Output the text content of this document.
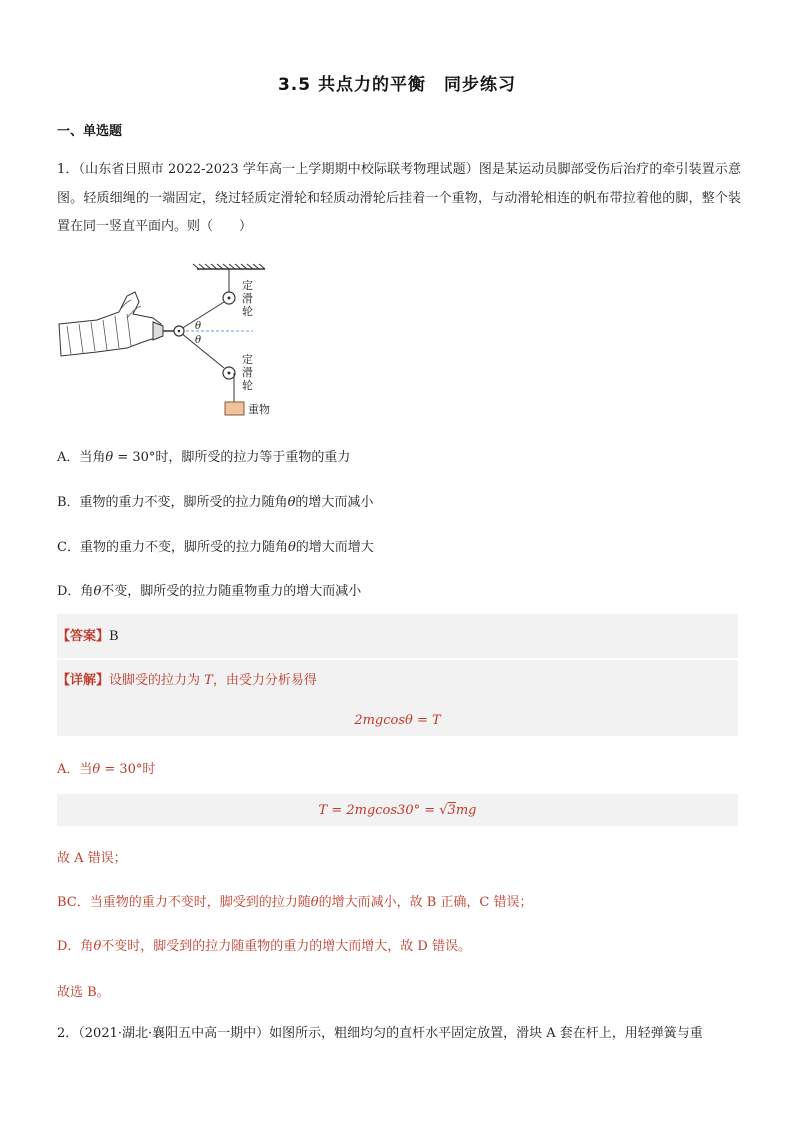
3.5 共点力的平衡 同步练习
一、单选题
1．（山东省日照市 2022-2023 学年高一上学期期中校际联考物理试题）图是某运动员脚部受伤后治疗的牵引装置示意图。轻质细绳的一端固定，绕过轻质定滑轮和轻质动滑轮后挂着一个重物，与动滑轮相连的帆布带拉着他的脚，整个装置在同一竖直平面内。则（　　）
θ
θ
重物
定
滑
轮
定
滑
轮
A．当角θ = 30°时，脚所受的拉力等于重物的重力
B．重物的重力不变，脚所受的拉力随角θ的增大而减小
C．重物的重力不变，脚所受的拉力随角θ的增大而增大
D．角θ不变，脚所受的拉力随重物重力的增大而减小
【答案】B
【详解】设脚受的拉力为 T，由受力分析易得
2mgcosθ = T
A．当θ = 30°时
T = 2mgcos30° = √3mg
故 A 错误；
BC．当重物的重力不变时，脚受到的拉力随θ的增大而减小，故 B 正确，C 错误；
D．角θ不变时，脚受到的拉力随重物的重力的增大而增大，故 D 错误。
故选 B。
2．（2021·湖北·襄阳五中高一期中）如图所示，粗细均匀的直杆水平固定放置，滑块 A 套在杆上，用轻弹簧与重
